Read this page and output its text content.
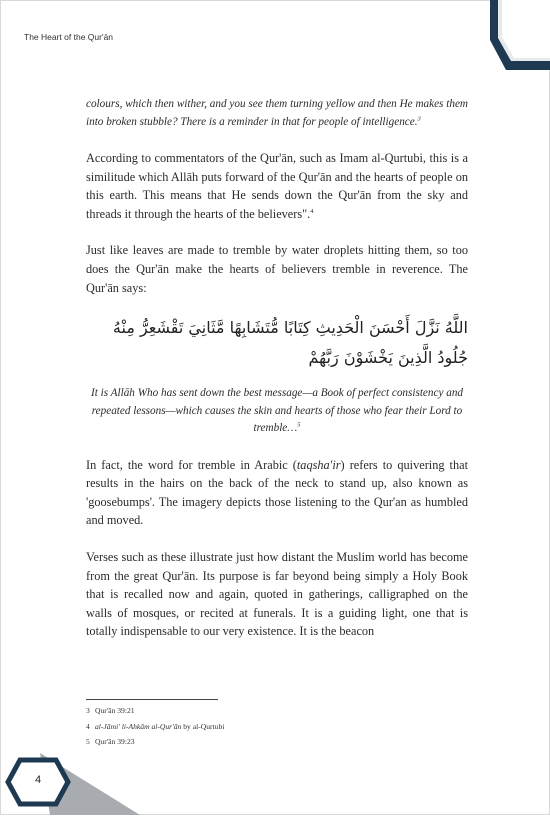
The Heart of the Qur'ān

colours, which then wither, and you see them turning yellow and then He makes them into broken stubble? There is a reminder in that for people of intelligence.$^3$

According to commentators of the Qur'ān, such as Imam al-Qurtubi, this is a similitude which Allāh puts forward of the Qur'ān and the hearts of people on this earth. This means that He sends down the Qur'ān from the sky and threads it through the hearts of the believers".$^4$

Just like leaves are made to tremble by water droplets hitting them, so too does the Qur'ān make the hearts of believers tremble in reverence. The Qur'ān says:

اللَّهُ نَزَّلَ أَحْسَنَ الْحَدِيثِ كِتَابًا مُّتَشَابِهًا مَّثَانِيَ تَقْشَعِرُّ مِنْهُ جُلُودُ الَّذِينَ يَخْشَوْنَ رَبَّهُمْ

It is Allāh Who has sent down the best message—a Book of perfect consistency and repeated lessons—which causes the skin and hearts of those who fear their Lord to tremble…$^5$

In fact, the word for tremble in Arabic (taqsha'ir) refers to quivering that results in the hairs on the back of the neck to stand up, also known as 'goosebumps'. The imagery depicts those listening to the Qur'an as humbled and moved.

Verses such as these illustrate just how distant the Muslim world has become from the great Qur'ān. Its purpose is far beyond being simply a Holy Book that is recalled now and again, quoted in gatherings, calligraphed on the walls of mosques, or recited at funerals. It is a guiding light, one that is totally indispensable to our very existence. It is the beacon

3 Qur'ān 39:21
4 al-Jāmi' li-Ahkām al-Qur'ān by al-Qurtubi
5 Qur'ān 39:23
4
